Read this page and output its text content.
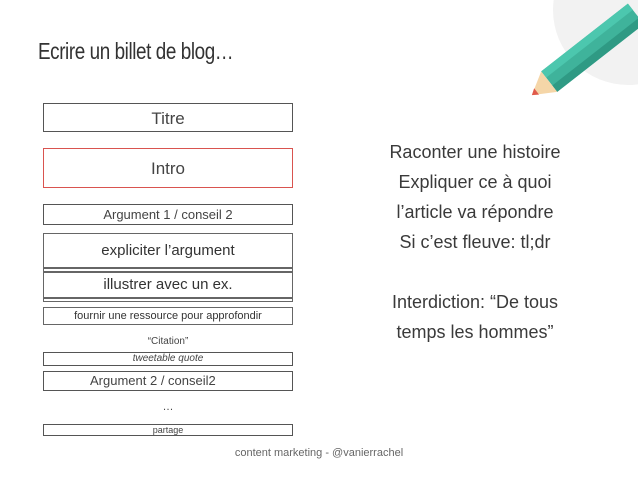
Ecrire un billet de blog…
Titre
Intro
Argument 1 / conseil 2
expliciter l’argument
illustrer avec un ex.
fournir une ressource pour approfondir
“Citation”
tweetable quote
Argument 2 / conseil2
…
partage
Raconter une histoire
Expliquer ce à quoi
l’article va répondre
Si c’est fleuve: tl;dr
Interdiction: “De tous
temps les hommes”
content marketing - @vanierrachel
